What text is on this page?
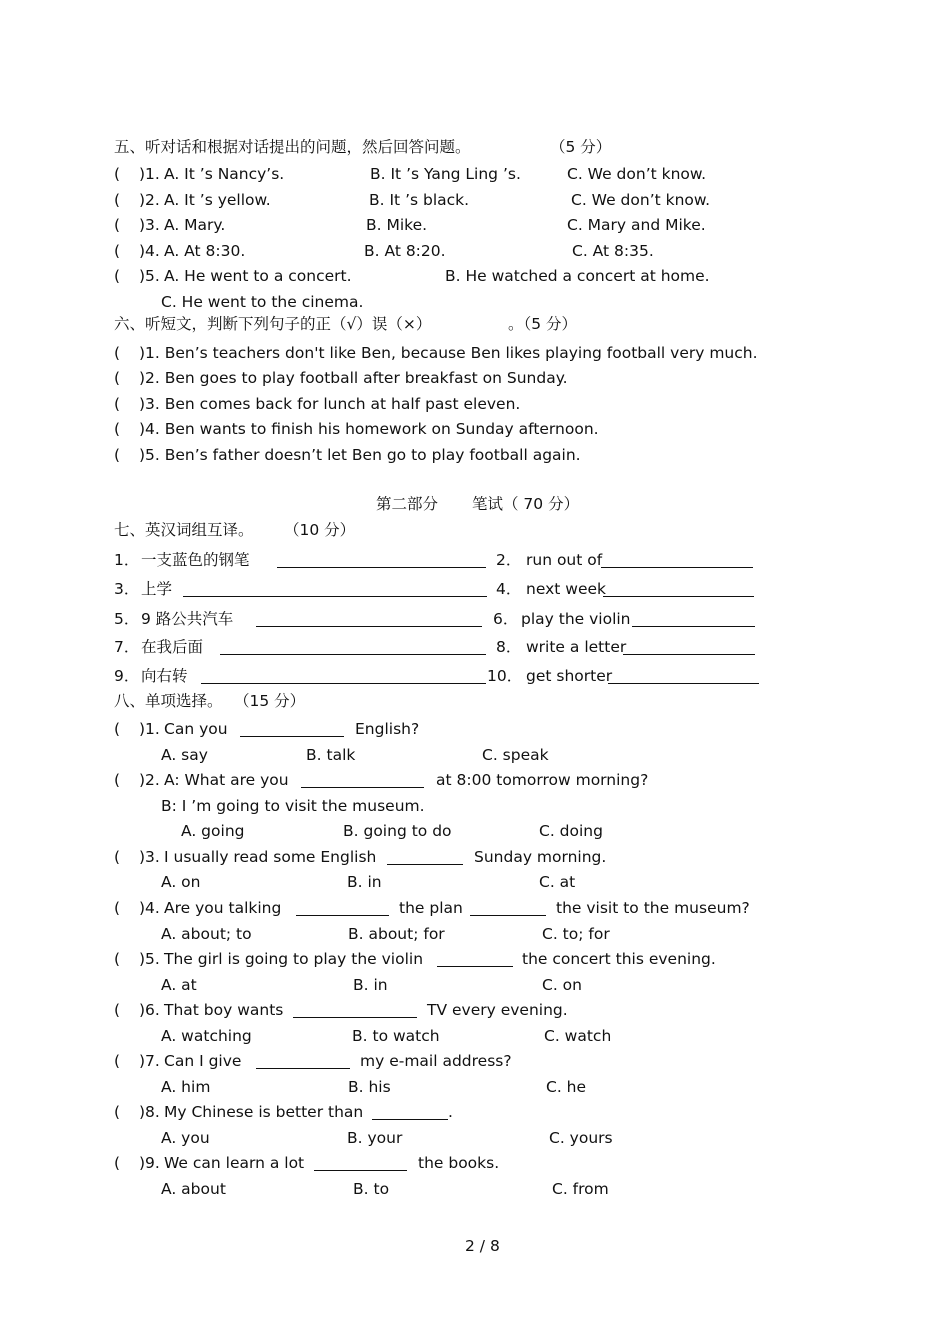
五、听对话和根据对话提出的问题，然后回答问题。	（5 分）
( )1. A. It ’s Nancy’s.	B. It ’s Yang Ling ’s.	C. We don’t know.
( )2. A. It ’s yellow.	B. It ’s black.	C. We don’t know.
( )3. A. Mary.	B. Mike.	C. Mary and Mike.
( )4. A. At 8:30.	B. At 8:20.	C. At 8:35.
( )5. A. He went to a concert.	B. He watched a concert at home.
C. He went to the cinema.
六、听短文，判断下列句子的正（√）误（×）	。（5 分）
( )1. Ben’s teachers don't like Ben, because Ben likes playing football very much.
( )2. Ben goes to play football after breakfast on Sunday.
( )3. Ben comes back for lunch at half past eleven.
( )4. Ben wants to finish his homework on Sunday afternoon.
( )5. Ben’s father doesn’t let Ben go to play football again.
第二部分 笔试（ 70 分）
七、英汉词组互译。 （10 分）
1． 一支蓝色的钢笔	2． run out of
3． 上学	4． next week
5． 9 路公共汽车	6． play the violin
7． 在我后面	8． write a letter
9． 向右转	10． get shorter
八、单项选择。 （15 分）
( )1. Can you	English?
A. say	B. talk	C. speak
( )2. A: What are you	at 8:00 tomorrow morning?
B: I ’m going to visit the museum.
A. going	B. going to do	C. doing
( )3. I usually read some English	Sunday morning.
A. on	B. in	C. at
( )4. Are you talking	the plan	the visit to the museum?
A. about; to	B. about; for	C. to; for
( )5. The girl is going to play the violin	the concert this evening.
A. at	B. in	C. on
( )6. That boy wants	TV every evening.
A. watching	B. to watch	C. watch
( )7. Can I give	my e-mail address?
A. him	B. his	C. he
( )8. My Chinese is better than	.
A. you	B. your	C. yours
( )9. We can learn a lot	the books.
A. about	B. to	C. from
2 / 8
